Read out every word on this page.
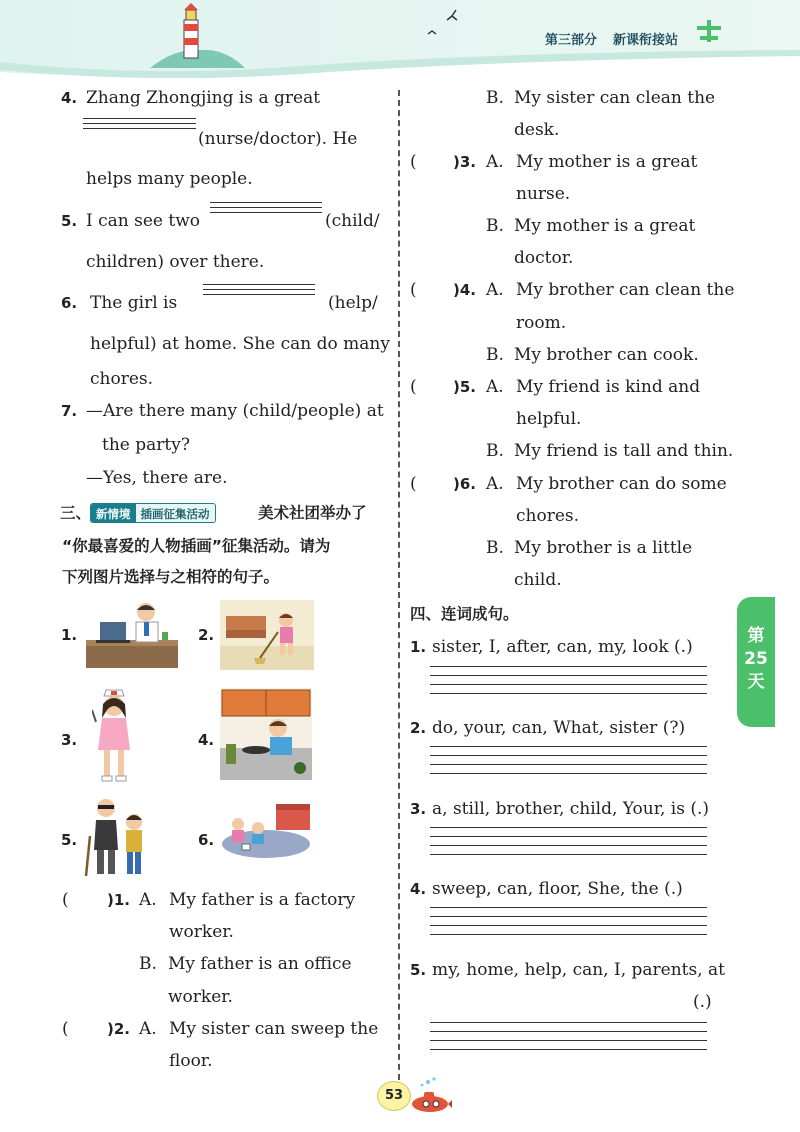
第三部分 新课衔接站
4. Zhang Zhongjing is a great
(nurse/doctor). He
helps many people.
5. I can see two	(child/
children) over there.
6. The girl is	(help/
helpful) at home. She can do many
chores.
7. —Are there many (child/people) at
the party?
—Yes, there are.
三、 新情境 插画征集活动	美术社团举办了
“你最喜爱的人物插画”征集活动。请为
下列图片选择与之相符的句子。
1.	2.
3.	4.
5.	6.
(	)1. A. My father is a factory
worker.
B. My father is an office
worker.
(	)2. A. My sister can sweep the
floor.
B. My sister can clean the
desk.
( )3. A. My mother is a great
nurse.
B. My mother is a great
doctor.
( )4. A. My brother can clean the
room.
B. My brother can cook.
( )5. A. My friend is kind and
helpful.
B. My friend is tall and thin.
( )6. A. My brother can do some
chores.
B. My brother is a little
child.
四、连词成句。
1. sister, I, after, can, my, look (.)
2. do, your, can, What, sister (?)
3. a, still, brother, child, Your, is (.)
4. sweep, can, floor, She, the (.)
5. my, home, help, can, I, parents, at
(.)
第
25
天
53
